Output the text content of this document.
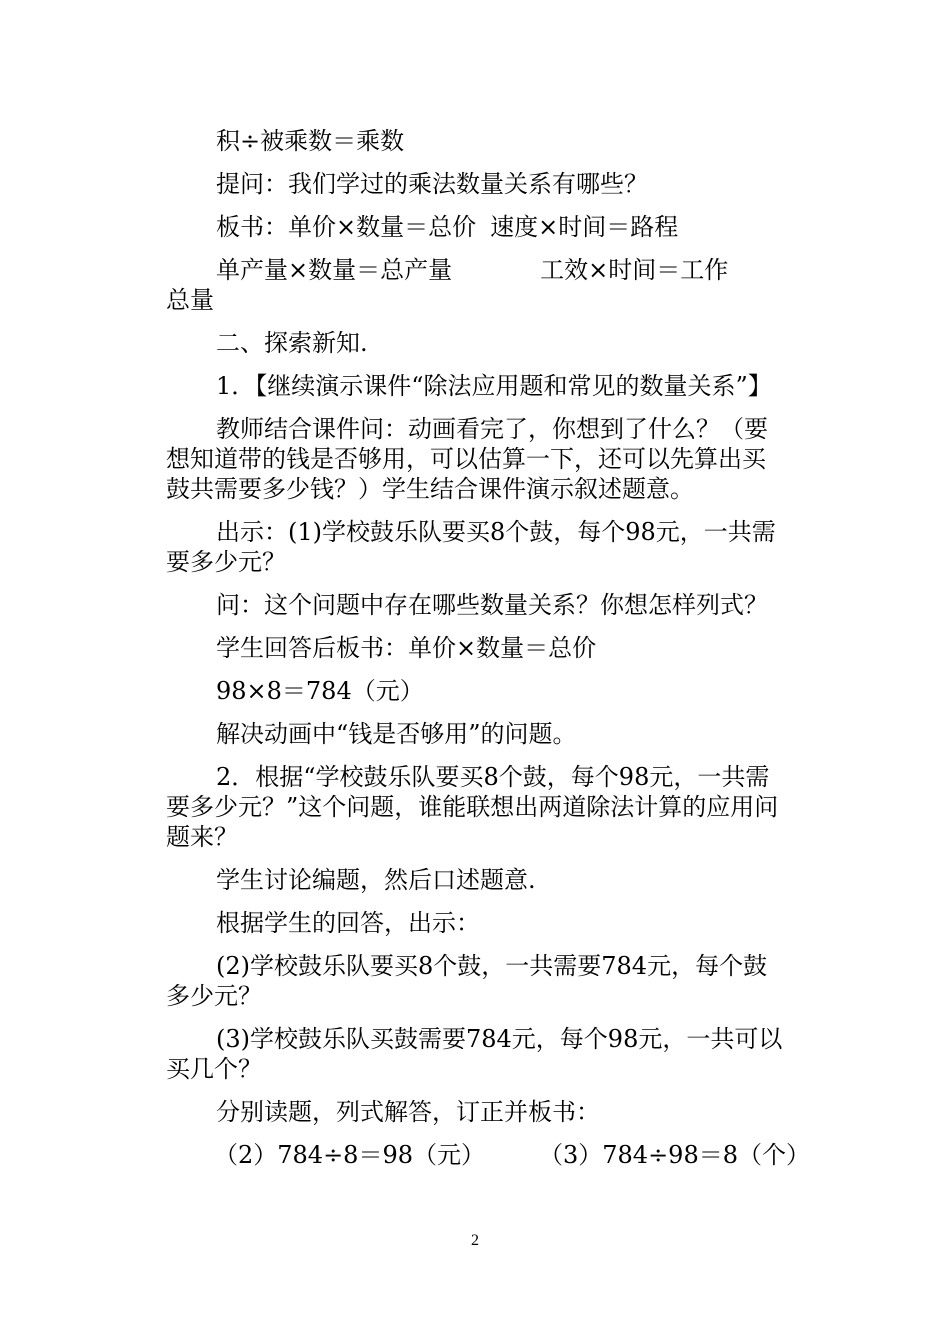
积÷被乘数＝乘数

提问：我们学过的乘法数量关系有哪些？

板书：单价×数量＝总价 速度×时间＝路程
单产量×数量＝总产量	工效×时间＝工作

总量

二、探索新知.

1．【继续演示课件“除法应用题和常见的数量关系”】

教师结合课件问：动画看完了，你想到了什么？（要想知道带的钱是否够用，可以估算一下，还可以先算出买鼓共需要多少钱？）学生结合课件演示叙述题意。

出示：(1)学校鼓乐队要买8个鼓，每个98元，一共需要多少元？

问：这个问题中存在哪些数量关系？你想怎样列式？

学生回答后板书：单价×数量＝总价

98×8＝784（元）

解决动画中“钱是否够用”的问题。

2．根据“学校鼓乐队要买8个鼓，每个98元，一共需要多少元？”这个问题，谁能联想出两道除法计算的应用问题来？

学生讨论编题，然后口述题意.

根据学生的回答，出示：

(2)学校鼓乐队要买8个鼓，一共需要784元，每个鼓多少元？

(3)学校鼓乐队买鼓需要784元，每个98元，一共可以买几个？

分别读题，列式解答，订正并板书：

（2）784÷8＝98（元） （3）784÷98＝8（个）
2
